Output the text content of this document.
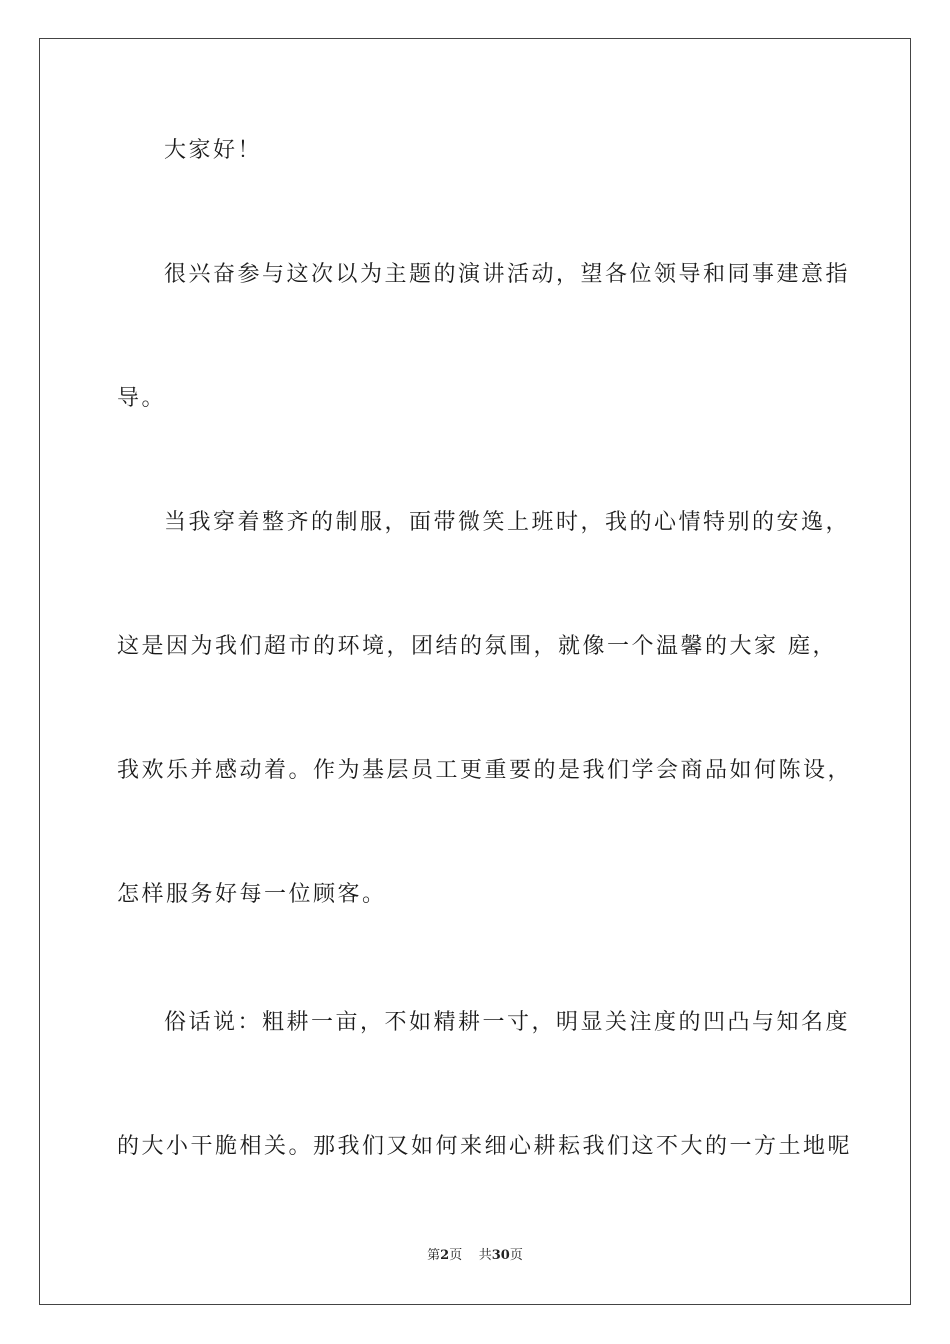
大家好！
很兴奋参与这次以为主题的演讲活动，望各位领导和同事建意指
导。
当我穿着整齐的制服，面带微笑上班时，我的心情特别的安逸，
这是因为我们超市的环境，团结的氛围，就像一个温馨的大家 庭，
我欢乐并感动着。作为基层员工更重要的是我们学会商品如何陈设，
怎样服务好每一位顾客。
俗话说：粗耕一亩，不如精耕一寸，明显关注度的凹凸与知名度
的大小干脆相关。那我们又如何来细心耕耘我们这不大的一方土地呢
第2页 共30页
